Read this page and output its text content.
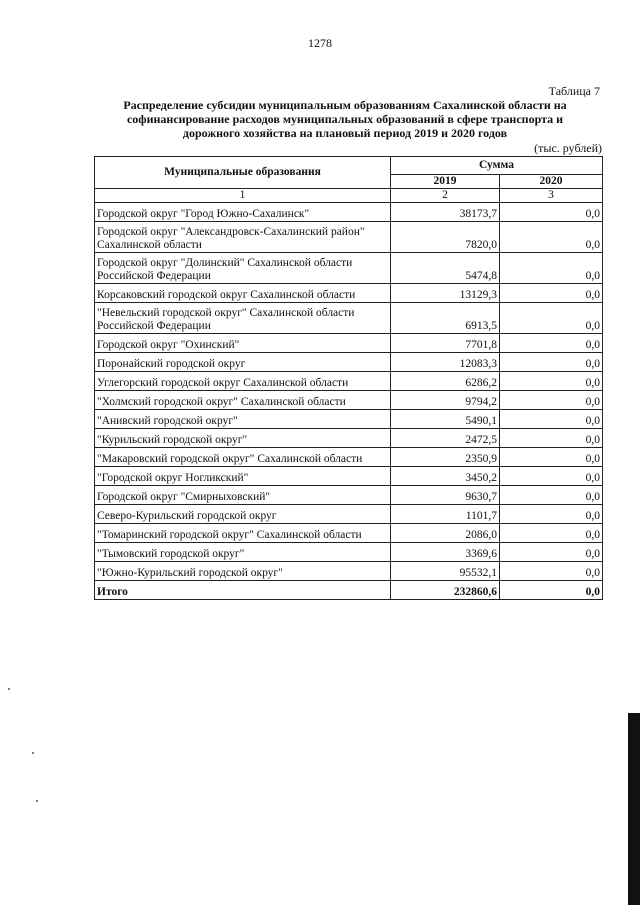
1278
Таблица 7
Распределение субсидии муниципальным образованиям Сахалинской области на
софинансирование расходов муниципальных образований в сфере транспорта и
дорожного хозяйства на плановый период 2019 и 2020 годов
(тыс. рублей)
Муниципальные образования	Сумма	
	2019	2020
1	2	3

Городской округ "Город Южно-Сахалинск"	38173,7	0,0

Городской округ "Александровск-Сахалинский район"
Сахалинской области	7820,0	0,0

Городской округ "Долинский" Сахалинской области
Российской Федерации	5474,8	0,0

Корсаковский городской округ Сахалинской области	13129,3	0,0

"Невельский городской округ" Сахалинской области
Российской Федерации	6913,5	0,0

Городской округ "Охинский"	7701,8	0,0

Поронайский городской округ	12083,3	0,0

Углегорский городской округ Сахалинской области	6286,2	0,0

"Холмский городской округ" Сахалинской области	9794,2	0,0

"Анивский городской округ"	5490,1	0,0

"Курильский городской округ"	2472,5	0,0

"Макаровский городской округ" Сахалинской области	2350,9	0,0

"Городской округ Ногликский"	3450,2	0,0

Городской округ "Смирныховский"	9630,7	0,0

Северо-Курильский городской округ	1101,7	0,0

"Томаринский городской округ" Сахалинской области	2086,0	0,0

"Тымовский городской округ"	3369,6	0,0

"Южно-Курильский городской округ"	95532,1	0,0
Итого	232860,6	0,0
